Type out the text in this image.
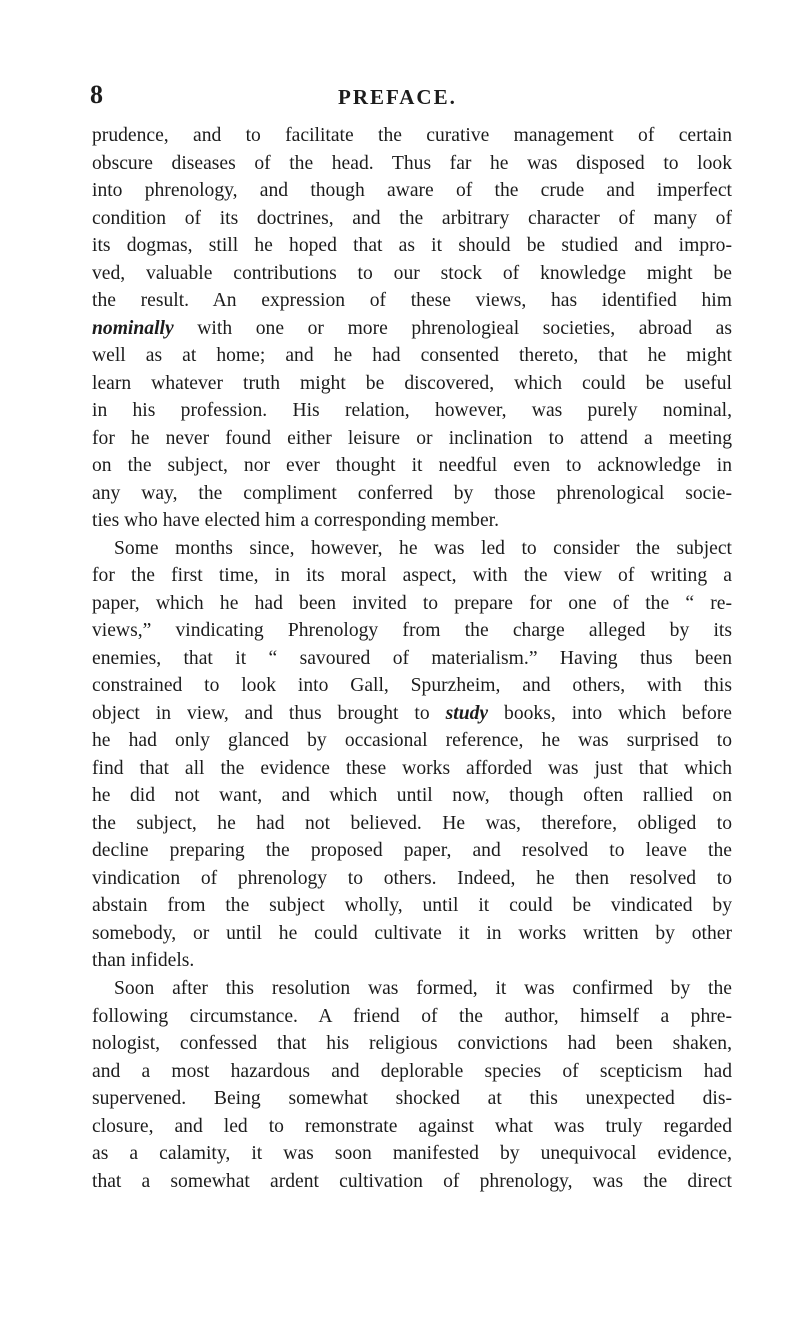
8	PREFACE.
prudence, and to facilitate the curative management of certain
obscure diseases of the head. Thus far he was disposed to look
into phrenology, and though aware of the crude and imperfect
condition of its doctrines, and the arbitrary character of many of
its dogmas, still he hoped that as it should be studied and impro-
ved, valuable contributions to our stock of knowledge might be
the result. An expression of these views, has identified him
nominally with one or more phrenologieal societies, abroad as
well as at home; and he had consented thereto, that he might
learn whatever truth might be discovered, which could be useful
in his profession. His relation, however, was purely nominal,
for he never found either leisure or inclination to attend a meeting
on the subject, nor ever thought it needful even to acknowledge in
any way, the compliment conferred by those phrenological socie-
ties who have elected him a corresponding member.
Some months since, however, he was led to consider the subject
for the first time, in its moral aspect, with the view of writing a
paper, which he had been invited to prepare for one of the “ re-
views,” vindicating Phrenology from the charge alleged by its
enemies, that it “ savoured of materialism.” Having thus been
constrained to look into Gall, Spurzheim, and others, with this
object in view, and thus brought to study books, into which before
he had only glanced by occasional reference, he was surprised to
find that all the evidence these works afforded was just that which
he did not want, and which until now, though often rallied on
the subject, he had not believed. He was, therefore, obliged to
decline preparing the proposed paper, and resolved to leave the
vindication of phrenology to others. Indeed, he then resolved to
abstain from the subject wholly, until it could be vindicated by
somebody, or until he could cultivate it in works written by other
than infidels.
Soon after this resolution was formed, it was confirmed by the
following circumstance. A friend of the author, himself a phre-
nologist, confessed that his religious convictions had been shaken,
and a most hazardous and deplorable species of scepticism had
supervened. Being somewhat shocked at this unexpected dis-
closure, and led to remonstrate against what was truly regarded
as a calamity, it was soon manifested by unequivocal evidence,
that a somewhat ardent cultivation of phrenology, was the direct
